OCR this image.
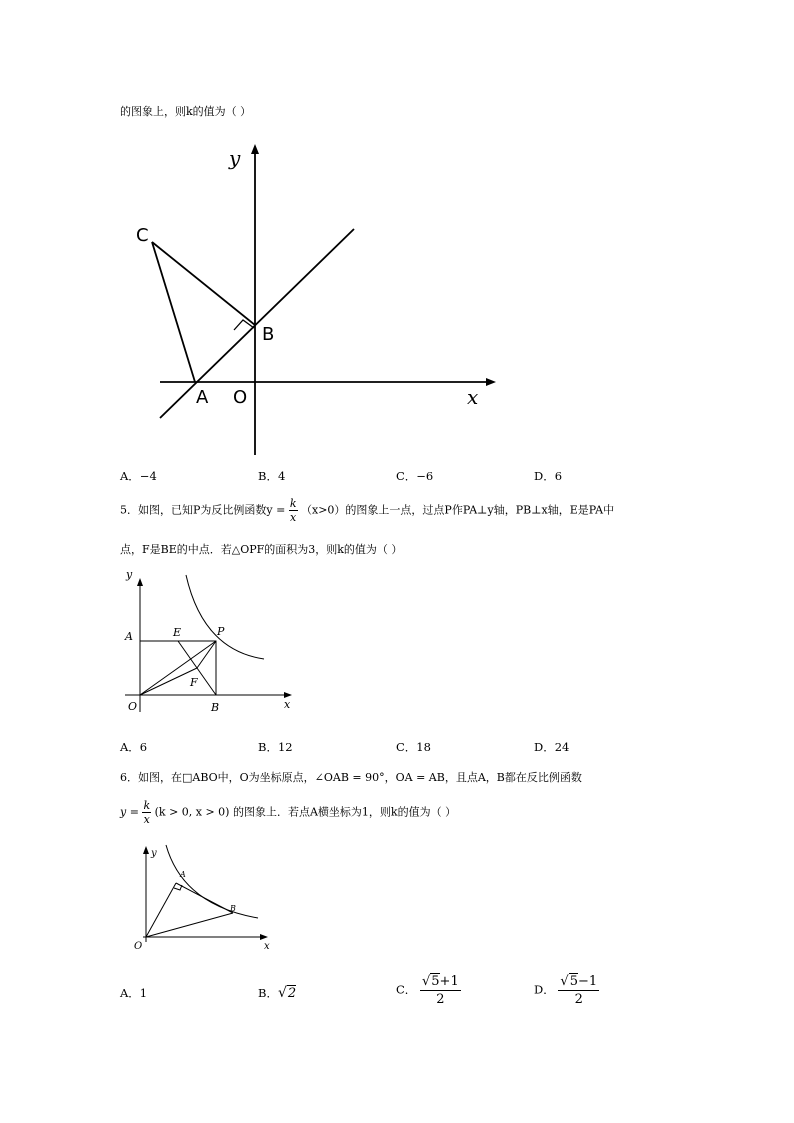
的图象上，则k的值为（ ）
y
x
C
B
A O
A．−4	B．4	C．−6	D．6
5．如图，已知P为反比例函数$y = \frac{k}{x} (x>0)$的图象上一点，过点P作PA⊥y轴，PB⊥x轴，E是PA中
点，F是BE的中点．若△OPF的面积为3，则k的值为（ ）
y
x
A	E	P
F
O	B
A．6	B．12	C．18	D．24
6．如图，在□ABO中，O为坐标原点，∠OAB = 90°，OA = AB，且点A，B都在反比例函数
$y = \frac{k}{x} (k > 0$, x > 0) 的图象上．若点A横坐标为1，则k的值为（ ）
y
x
A
B
O
A．1	B．√2	C． $\frac{√5+1}{2}$	D． $\frac{√5-1}{2}$
